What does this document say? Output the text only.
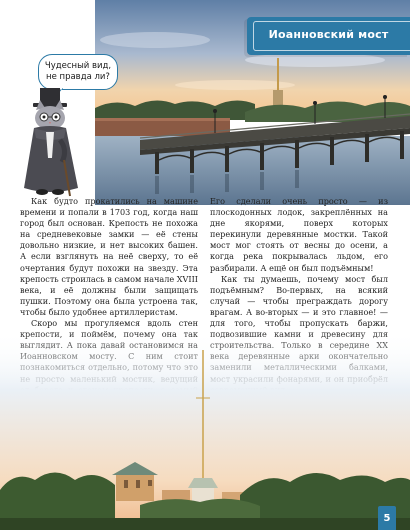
Иоанновский мост
Чудесный вид,
не правда ли?

Как будто прокатились на машине времени и попали в 1703 год, когда наш город был основан. Крепость не похожа на средневековые замки — её стены довольно низкие, и нет высоких башен. А если взглянуть на неё сверху, то её очертания будут похожи на звезду. Эта крепость строилась в самом начале XVIII века, и её должны были защищать пушки. Поэтому она была устроена так, чтобы было удобнее артиллеристам.

Скоро мы прогуляемся вдоль стен

Его сделали очень просто — из плоскодонных лодок, закреплённых на дне якорями, поверх которых перекинули деревянные мостки. Такой мост мог стоять от весны до осени, а когда река покрывалась льдом, его разбирали. А ещё он был подъёмным!

Как ты думаешь, почему мост был подъёмным? Во-первых, на всякий случай — чтобы преграждать дорогу врагам. А во-вторых — и это главное! — для того, чтобы пропускать баржи,

5
